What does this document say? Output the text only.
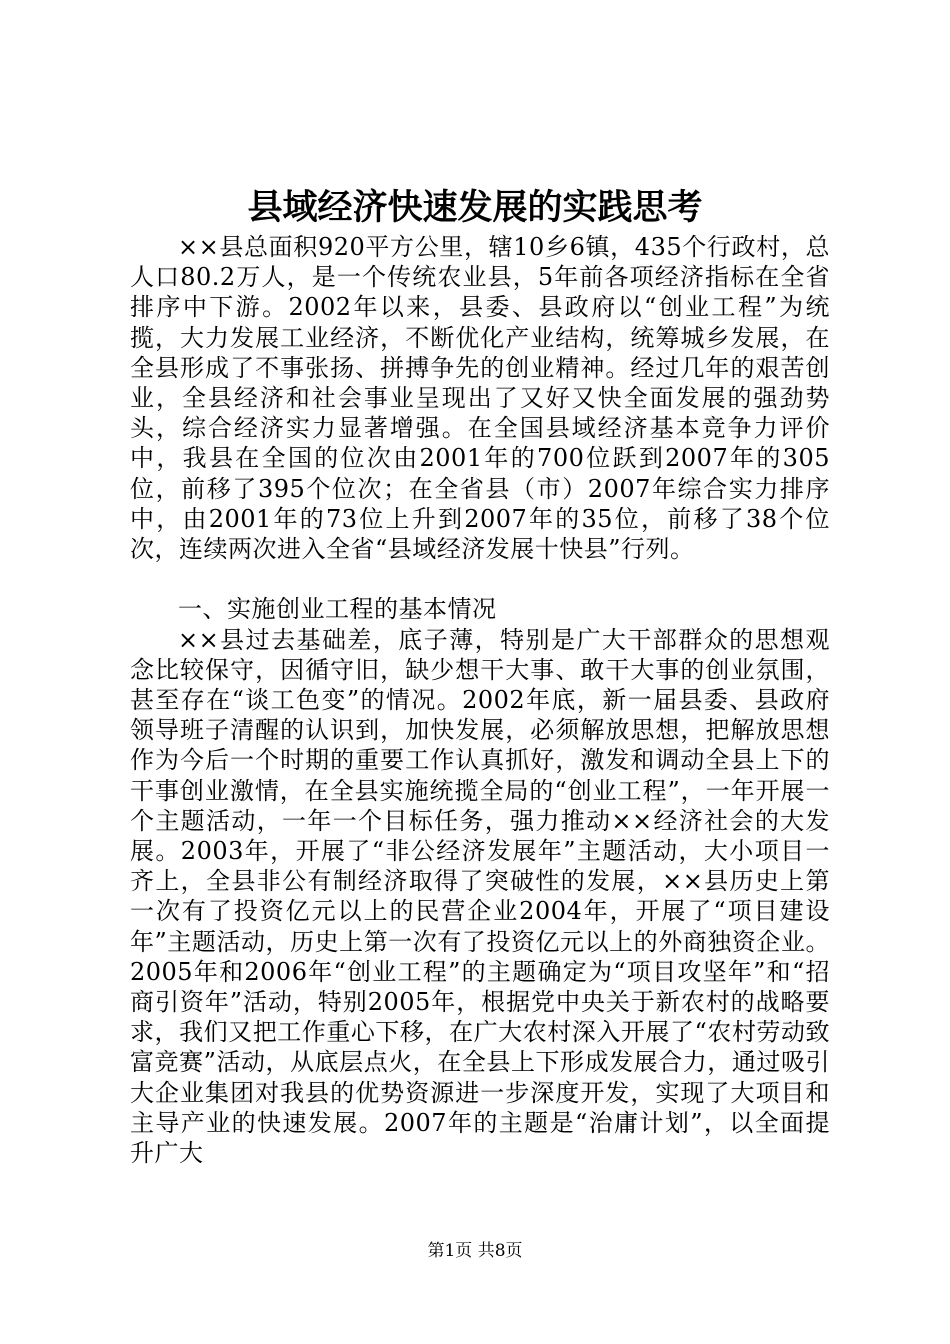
县域经济快速发展的实践思考

××县总面积920平方公里，辖10乡6镇，435个行政村，总人口80.2万人，是一个传统农业县，5年前各项经济指标在全省排序中下游。2002年以来，县委、县政府以“创业工程”为统揽，大力发展工业经济，不断优化产业结构，统筹城乡发展，在全县形成了不事张扬、拼搏争先的创业精神。经过几年的艰苦创业，全县经济和社会事业呈现出了又好又快全面发展的强劲势头，综合经济实力显著增强。在全国县域经济基本竞争力评价中，我县在全国的位次由2001年的700位跃到2007年的305位，前移了395个位次；在全省县（市）2007年综合实力排序中，由2001年的73位上升到2007年的35位，前移了38个位次，连续两次进入全省“县域经济发展十快县”行列。

一、实施创业工程的基本情况

××县过去基础差，底子薄，特别是广大干部群众的思想观念比较保守，因循守旧，缺少想干大事、敢干大事的创业氛围，甚至存在“谈工色变”的情况。2002年底，新一届县委、县政府领导班子清醒的认识到，加快发展，必须解放思想，把解放思想作为今后一个时期的重要工作认真抓好，激发和调动全县上下的干事创业激情，在全县实施统揽全局的“创业工程”，一年开展一个主题活动，一年一个目标任务，强力推动××经济社会的大发展。2003年，开展了“非公经济发展年”主题活动，大小项目一齐上，全县非公有制经济取得了突破性的发展，××县历史上第一次有了投资亿元以上的民营企业2004年，开展了“项目建设年”主题活动，历史上第一次有了投资亿元以上的外商独资企业。2005年和2006年“创业工程”的主题确定为“项目攻坚年”和“招商引资年”活动，特别2005年，根据党中央关于新农村的战略要求，我们又把工作重心下移，在广大农村深入开展了“农村劳动致富竞赛”活动，从底层点火，在全县上下形成发展合力，通过吸引大企业集团对我县的优势资源进一步深度开发，实现了大项目和主导产业的快速发展。2007年的主题是“治庸计划”，以全面提升广大

第1页 共8页
